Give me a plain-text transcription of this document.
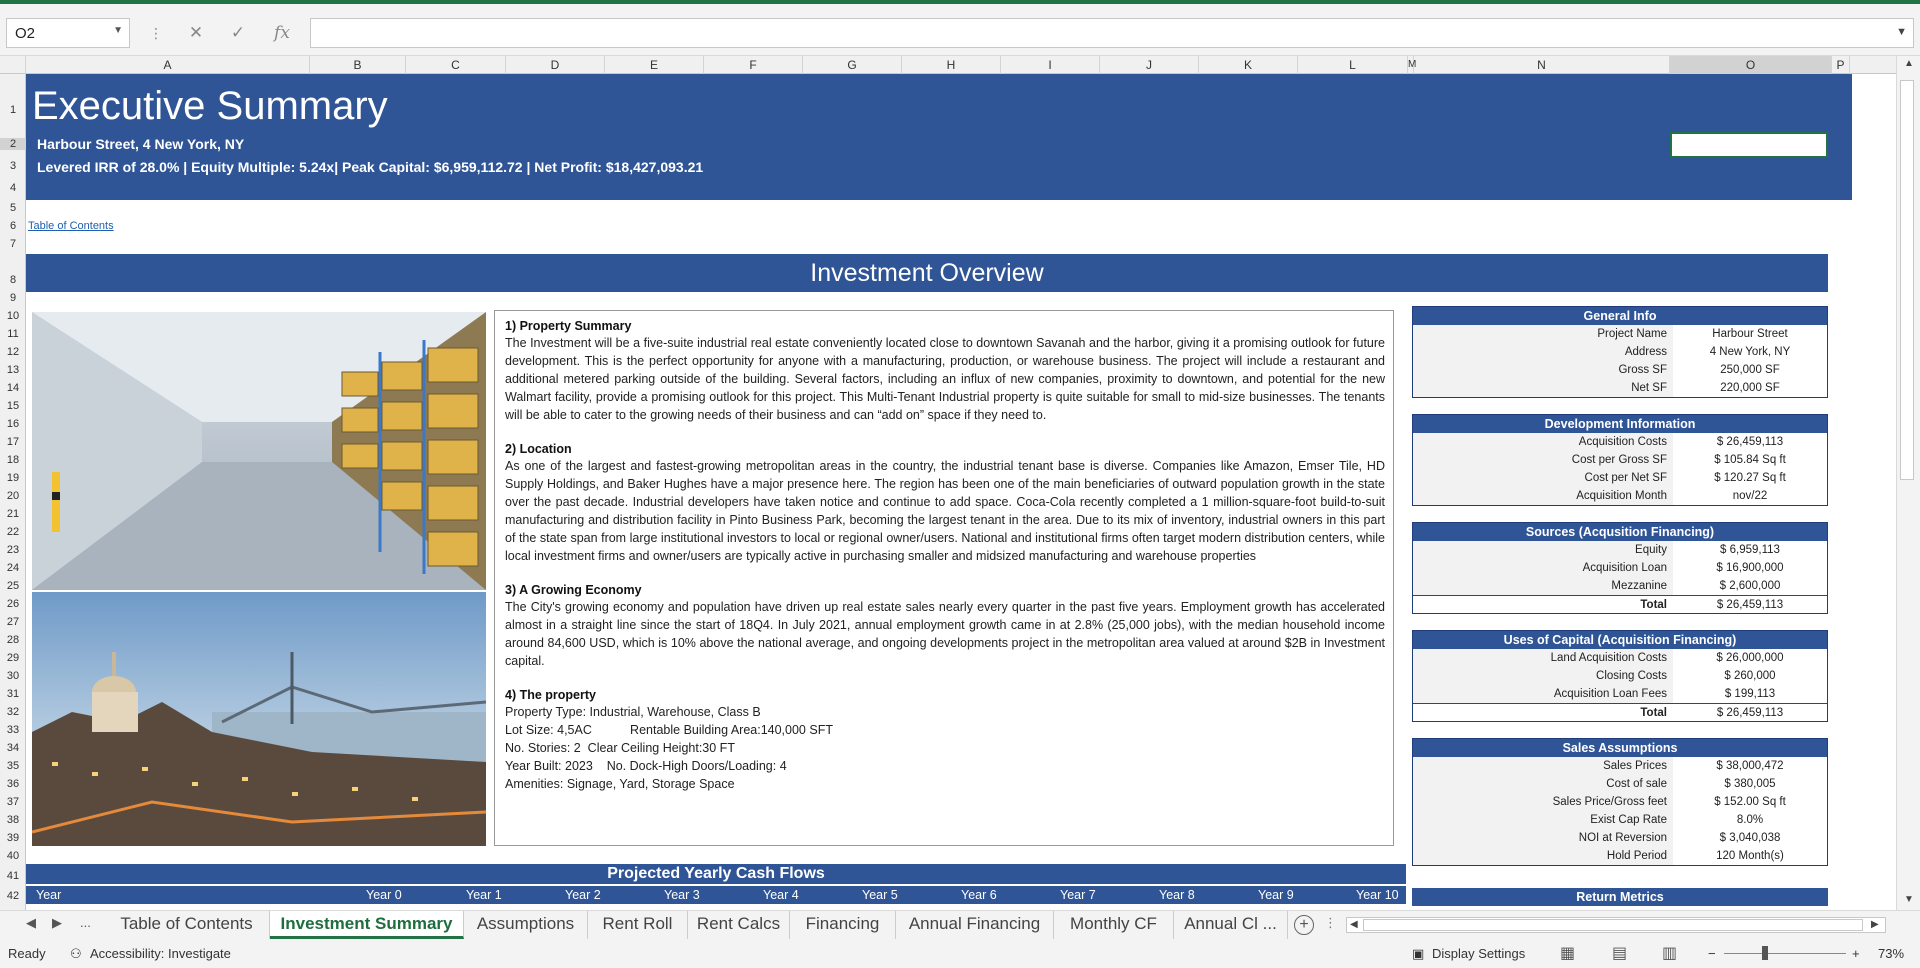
O2	▼	⋮	✕	✓	fx	▼
A	B	C	D	E	F	G	H	I	J	K	L	M	N	O	P
1
2
3
4
5
6
7
8
9
10
11
12
13
14
15
16
17
18
19
20
21
22
23
24
25
26
27
28
29
30
31
32
33
34
35
36
37
38
39
40
41
42
Executive Summary
Harbour Street, 4 New York, NY
Levered IRR of 28.0% | Equity Multiple: 5.24x| Peak Capital: $6,959,112.72 | Net Profit: $18,427,093.21
Table of Contents
Investment Overview
1) Property Summary

The Investment will be a five-suite industrial real estate conveniently located close to downtown Savanah and the harbor, giving it a promising outlook for future development. This is the perfect opportunity for anyone with a manufacturing, production, or warehouse business. The project will include a restaurant and additional metered parking outside of the building. Several factors, including an influx of new companies, proximity to downtown, and potential for the new Walmart facility, provide a promising outlook for this project. This Multi-Tenant Industrial property is quite suitable for small to mid-size businesses. The tenants will be able to cater to the growing needs of their business and can “add on” space if they need to.

2) Location

As one of the largest and fastest-growing metropolitan areas in the country, the industrial tenant base is diverse. Companies like Amazon, Emser Tile, HD Supply Holdings, and Baker Hughes have a major presence here. The region has been one of the main beneficiaries of outward population growth in the state over the past decade. Industrial developers have taken notice and continue to add space. Coca-Cola recently completed a 1 million-square-foot build-to-suit manufacturing and distribution facility in Pinto Business Park, becoming the largest tenant in the area. Due to its mix of inventory, industrial owners in this part of the state span from large institutional investors to local or regional owner/users. National and institutional firms often target modern distribution centers, while local investment firms and owner/users are typically active in purchasing smaller and midsized manufacturing and warehouse properties

3) A Growing Economy

The City's growing economy and population have driven up real estate sales nearly every quarter in the past five years. Employment growth has accelerated almost in a straight line since the start of 18Q4. In July 2021, annual employment growth came in at 2.8% (25,000 jobs), with the median household income around 84,600 USD, which is 10% above the national average, and ongoing developments project in the metropolitan area valued at around $2B in Investment capital.

4) The property
Property Type: Industrial, Warehouse, Class B
Lot Size: 4,5AC           Rentable Building Area:140,000 SFT
No. Stories: 2  Clear Ceiling Height:30 FT
Year Built: 2023    No. Dock-High Doors/Loading: 4
Amenities: Signage, Yard, Storage Space
General Info
Project Name	Harbour Street
Address	4 New York, NY
Gross SF	250,000 SF
Net SF	220,000 SF
Development Information
Acquisition Costs	$ 26,459,113
Cost per Gross SF	$ 105.84 Sq ft
Cost per Net SF	$ 120.27 Sq ft
Acquisition Month	nov/22
Sources (Acqusition Financing)
Equity	$ 6,959,113
Acquisition Loan	$ 16,900,000
Mezzanine	$ 2,600,000
Total	$ 26,459,113
Uses of Capital (Acquisition Financing)
Land Acquisition Costs	$ 26,000,000
Closing Costs	$ 260,000
Acquisition Loan Fees	$ 199,113
Total	$ 26,459,113
Sales Assumptions
Sales Prices	$ 38,000,472
Cost of sale	$ 380,005
Sales Price/Gross feet	$ 152.00 Sq ft
Exist Cap Rate	8.0%
NOI at Reversion	$ 3,040,038
Hold Period	120 Month(s)
Projected Yearly Cash Flows
Year	Year 0	Year 1	Year 2	Year 3	Year 4	Year 5	Year 6	Year 7	Year 8	Year 9	Year 10	Return Metrics
▲
▼
◀ ▶ ...	Table of Contents	Investment Summary	Assumptions	Rent Roll	Rent Calcs	Financing	Annual Financing	Monthly CF	Annual Cl ...	+	⋮ ◀	▶
Ready ⚇ Accessibility: Investigate	▣ Display Settings ▦ ▤ ▥ −	+ 73%
